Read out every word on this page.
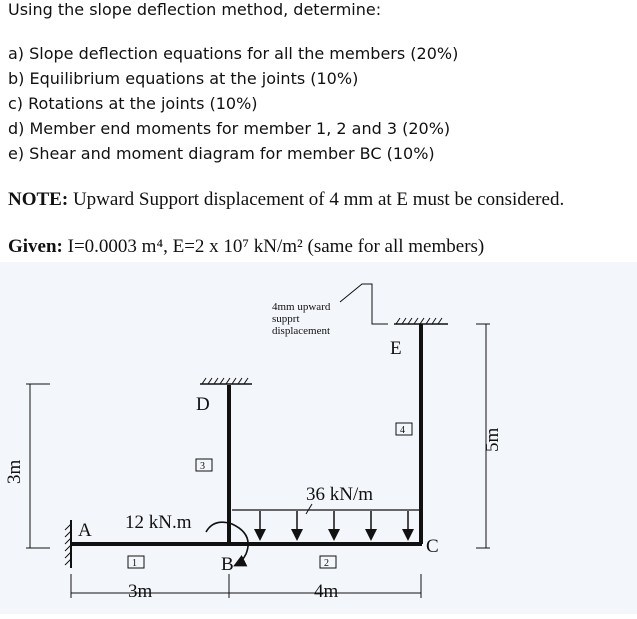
Using the slope deflection method, determine:
a) Slope deflection equations for all the members (20%)
b) Equilibrium equations at the joints (10%)
c) Rotations at the joints (10%)
d) Member end moments for member 1, 2 and 3 (20%)
e) Shear and moment diagram for member BC (10%)
NOTE: Upward Support displacement of 4 mm at E must be considered.
Given: I=0.0003 m⁴, E=2 x 10⁷ kN/m² (same for all members)
4mm upward
supprt
displacement
36 kN/m
12 kN.m
A
B
C
D
E
1	2
3
4
3m	4m
3m
5m
